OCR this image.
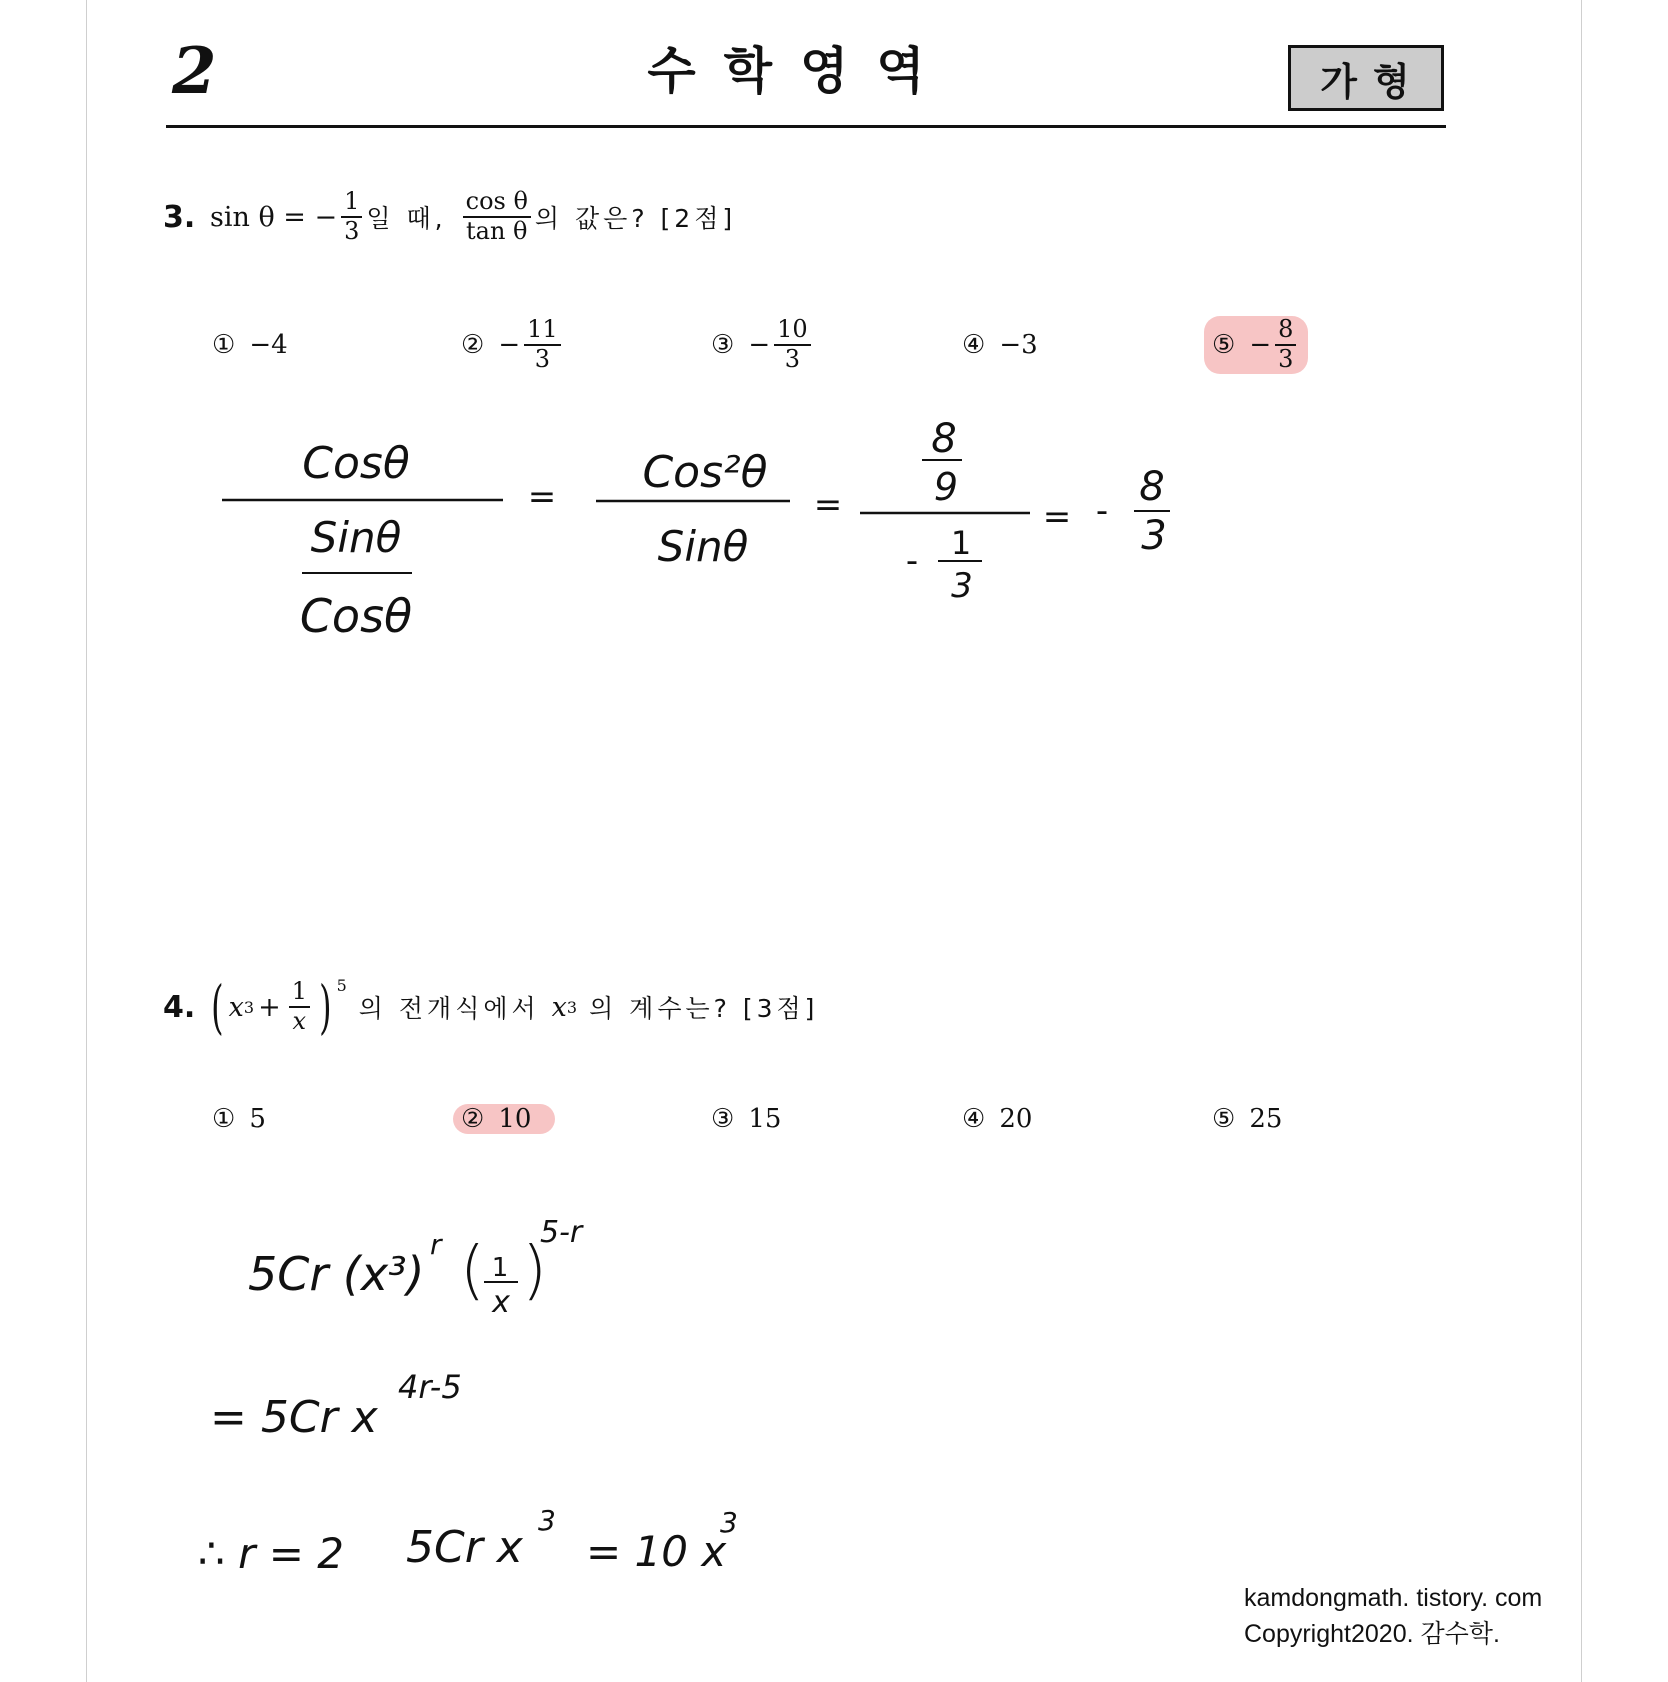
2	수학영역	가형
3. sin θ = − $\frac{1}{3}$ 일 때, $\frac{\text{cos θ}}{\text{tan θ}}$ 의 값은? [2점]
① −4	② − $\frac{11}{3}$	③ − $\frac{10}{3}$	④ −3	⑤ − $\frac{8}{3}$
Cosθ
Sinθ
Cosθ
= Cos²θ
Sinθ
=
8
9
- 1
3
= -
8
3
4. ( x $3 + \frac{1}{x}$ ) $^5$
의 전개식에서 x 3 의 계수는? [3점]
① 5	② 10	③ 15	④ 20	⑤ 25
5Cr (x³)
r ( 1
x )
5-r
= 5Cr x
4r-5
∴ r = 2 5Cr x
3
= 10 x
3
kamdongmath. tistory. com
Copyright2020. 감수학.
